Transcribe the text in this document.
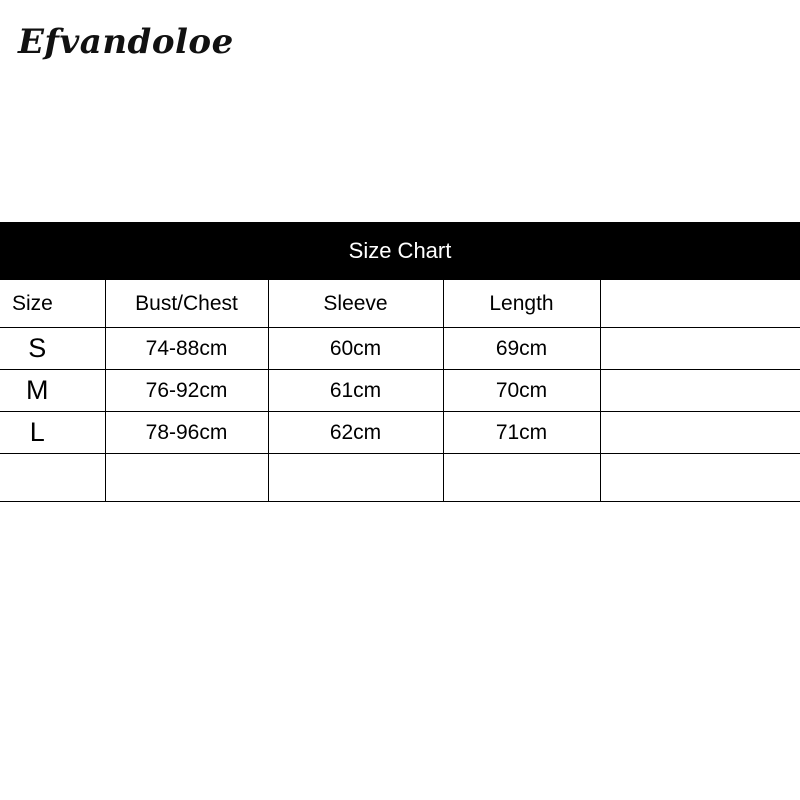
Efvandoloe
Size Chart
Size	Bust/Chest	Sleeve	Length	
S	74-88cm	60cm	69cm	
M	76-92cm	61cm	70cm	
L	78-96cm	62cm	71cm	
